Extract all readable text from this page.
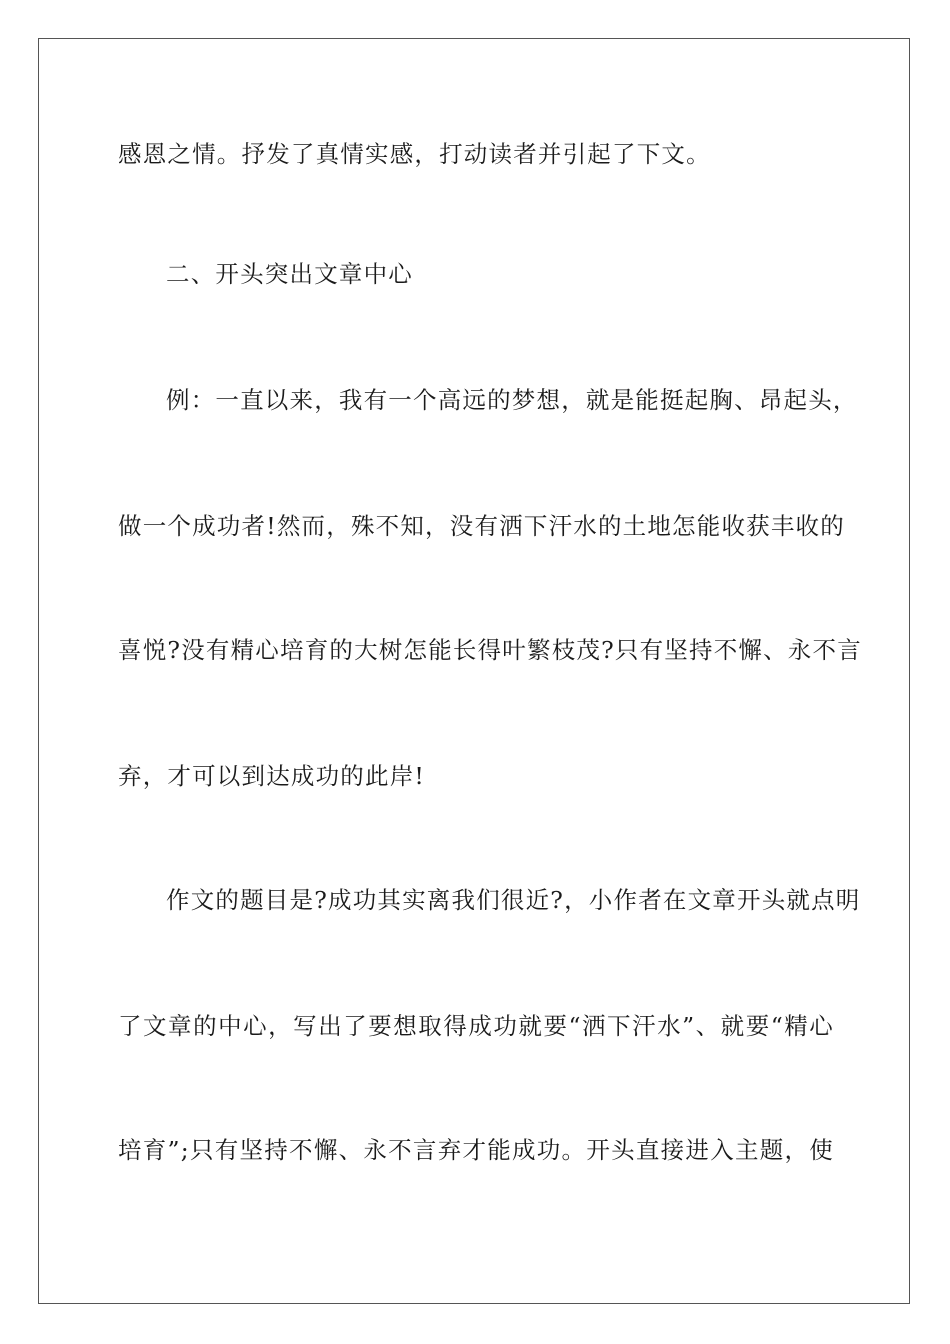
感恩之情。抒发了真情实感，打动读者并引起了下文。
二、开头突出文章中心
例：一直以来，我有一个高远的梦想，就是能挺起胸、昂起头，
做一个成功者!然而，殊不知，没有洒下汗水的土地怎能收获丰收的
喜悦?没有精心培育的大树怎能长得叶繁枝茂?只有坚持不懈、永不言
弃，才可以到达成功的此岸!
作文的题目是?成功其实离我们很近?，小作者在文章开头就点明
了文章的中心，写出了要想取得成功就要“洒下汗水”、就要“精心
培育”;只有坚持不懈、永不言弃才能成功。开头直接进入主题，使
